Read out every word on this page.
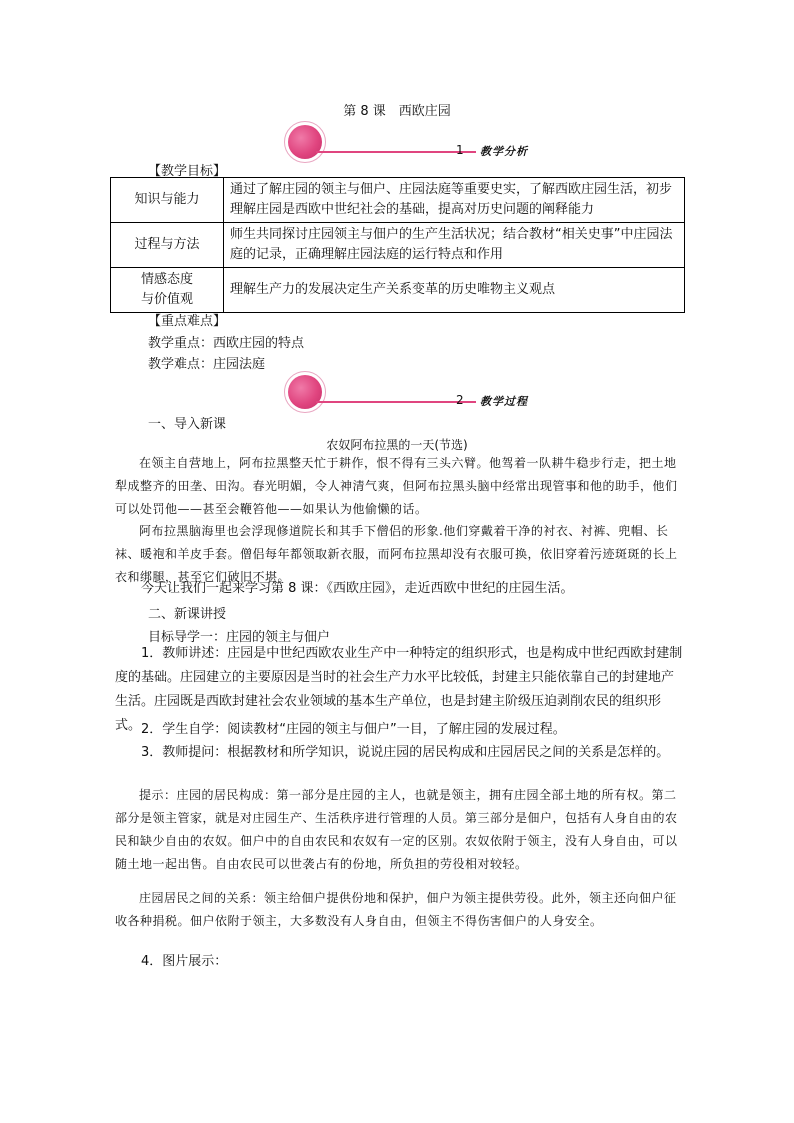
第 8 课　西欧庄园
1 教学分析
【教学目标】
知识与能力	通过了解庄园的领主与佃户、庄园法庭等重要史实，了解西欧庄园生活，初步理解庄园是西欧中世纪社会的基础，提高对历史问题的阐释能力
过程与方法	师生共同探讨庄园领主与佃户的生产生活状况；结合教材“相关史事”中庄园法庭的记录，正确理解庄园法庭的运行特点和作用

情感态度
与价值观	理解生产力的发展决定生产关系变革的历史唯物主义观点
【重点难点】
教学重点：西欧庄园的特点
教学难点：庄园法庭
2 教学过程
一、导入新课
农奴阿布拉黑的一天(节选)
在领主自营地上，阿布拉黑整天忙于耕作，恨不得有三头六臂。他驾着一队耕牛稳步行走，把土地犁成整齐的田垄、田沟。春光明媚，令人神清气爽，但阿布拉黑头脑中经常出现管事和他的助手，他们可以处罚他——甚至会鞭笞他——如果认为他偷懒的话。
阿布拉黑脑海里也会浮现修道院长和其手下僧侣的形象.他们穿戴着干净的衬衣、衬裤、兜帽、长袜、暖袍和羊皮手套。僧侣每年都领取新衣服，而阿布拉黑却没有衣服可换，依旧穿着污迹斑斑的长上衣和绑腿，甚至它们破旧不堪。
今天让我们一起来学习第 8 课：《西欧庄园》，走近西欧中世纪的庄园生活。
二、新课讲授
目标导学一：庄园的领主与佃户
1．教师讲述：庄园是中世纪西欧农业生产中一种特定的组织形式，也是构成中世纪西欧封建制度的基础。庄园建立的主要原因是当时的社会生产力水平比较低，封建主只能依靠自己的封建地产生活。庄园既是西欧封建社会农业领域的基本生产单位，也是封建主阶级压迫剥削农民的组织形式。 2．学生自学：阅读教材“庄园的领主与佃户”一目，了解庄园的发展过程。
3．教师提问：根据教材和所学知识，说说庄园的居民构成和庄园居民之间的关系是怎样的。
提示：庄园的居民构成：第一部分是庄园的主人，也就是领主，拥有庄园全部土地的所有权。第二部分是领主管家，就是对庄园生产、生活秩序进行管理的人员。第三部分是佃户，包括有人身自由的农民和缺少自由的农奴。佃户中的自由农民和农奴有一定的区别。农奴依附于领主，没有人身自由，可以随土地一起出售。自由农民可以世袭占有的份地，所负担的劳役相对较轻。
庄园居民之间的关系：领主给佃户提供份地和保护，佃户为领主提供劳役。此外，领主还向佃户征收各种捐税。佃户依附于领主，大多数没有人身自由，但领主不得伤害佃户的人身安全。
4．图片展示：
